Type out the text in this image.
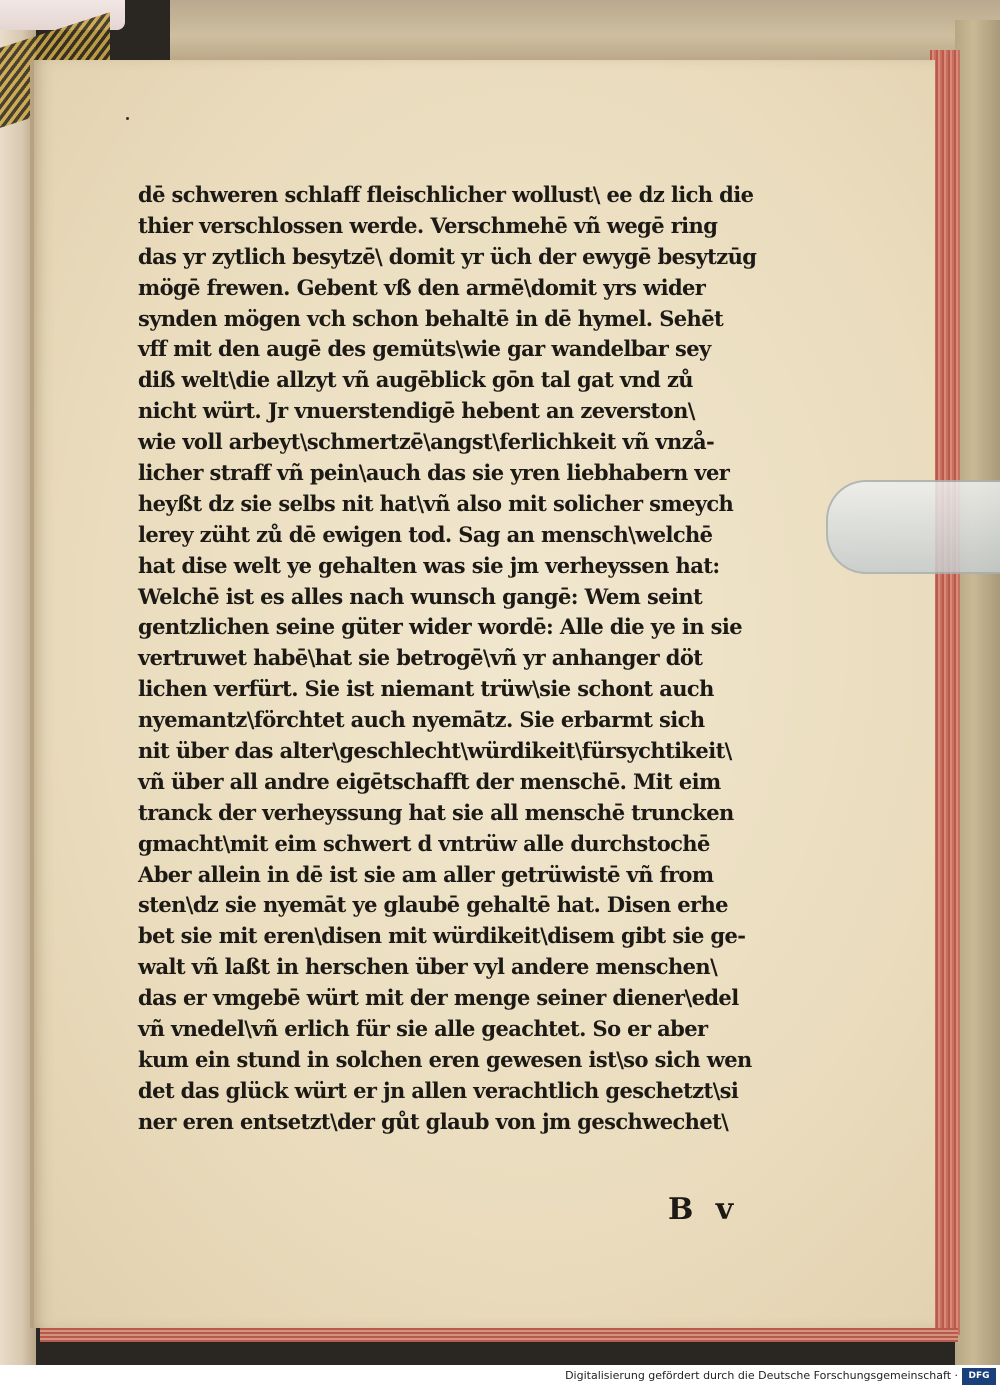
dē schweren schlaff fleischlicher wollust\ ee dz lich die
thier verschlossen werde. Verschmehē vñ wegē ring
das yr zytlich besytzē\ domit yr üch der ewygē besytzūg
mögē frewen. Gebent vß den armē\domit yrs wider
synden mögen vch schon behaltē in dē hymel. Sehēt
vff mit den augē des gemüts\wie gar wandelbar sey
diß welt\die allzyt vñ augēblick gōn tal gat vnd zů
nicht würt. Jr vnuerstendigē hebent an zeverston\
wie voll arbeyt\schmertzē\angst\ferlichkeit vñ vnzå-
licher straff vñ pein\auch das sie yren liebhabern ver
heyßt dz sie selbs nit hat\vñ also mit solicher smeych
lerey züht zů dē ewigen tod. Sag an mensch\welchē
hat dise welt ye gehalten was sie jm verheyssen hat:
Welchē ist es alles nach wunsch gangē: Wem seint
gentzlichen seine güter wider wordē: Alle die ye in sie
vertruwet habē\hat sie betrogē\vñ yr anhanger döt
lichen verfürt. Sie ist niemant trüw\sie schont auch
nyemantz\förchtet auch nyemātz. Sie erbarmt sich
nit über das alter\geschlecht\würdikeit\fürsychtikeit\
vñ über all andre eigētschafft der menschē. Mit eim
tranck der verheyssung hat sie all menschē truncken
gmacht\mit eim schwert d vntrüw alle durchstochē
Aber allein in dē ist sie am aller getrüwistē vñ from
sten\dz sie nyemāt ye glaubē gehaltē hat. Disen erhe
bet sie mit eren\disen mit würdikeit\disem gibt sie ge-
walt vñ laßt in herschen über vyl andere menschen\
das er vmgebē würt mit der menge seiner diener\edel
vñ vnedel\vñ erlich für sie alle geachtet. So er aber
kum ein stund in solchen eren gewesen ist\so sich wen
det das glück würt er jn allen verachtlich geschetzt\si
ner eren entsetzt\der gůt glaub von jm geschwechet\
B v
Digitalisierung gefördert durch die Deutsche Forschungsgemeinschaft ·	DFG
